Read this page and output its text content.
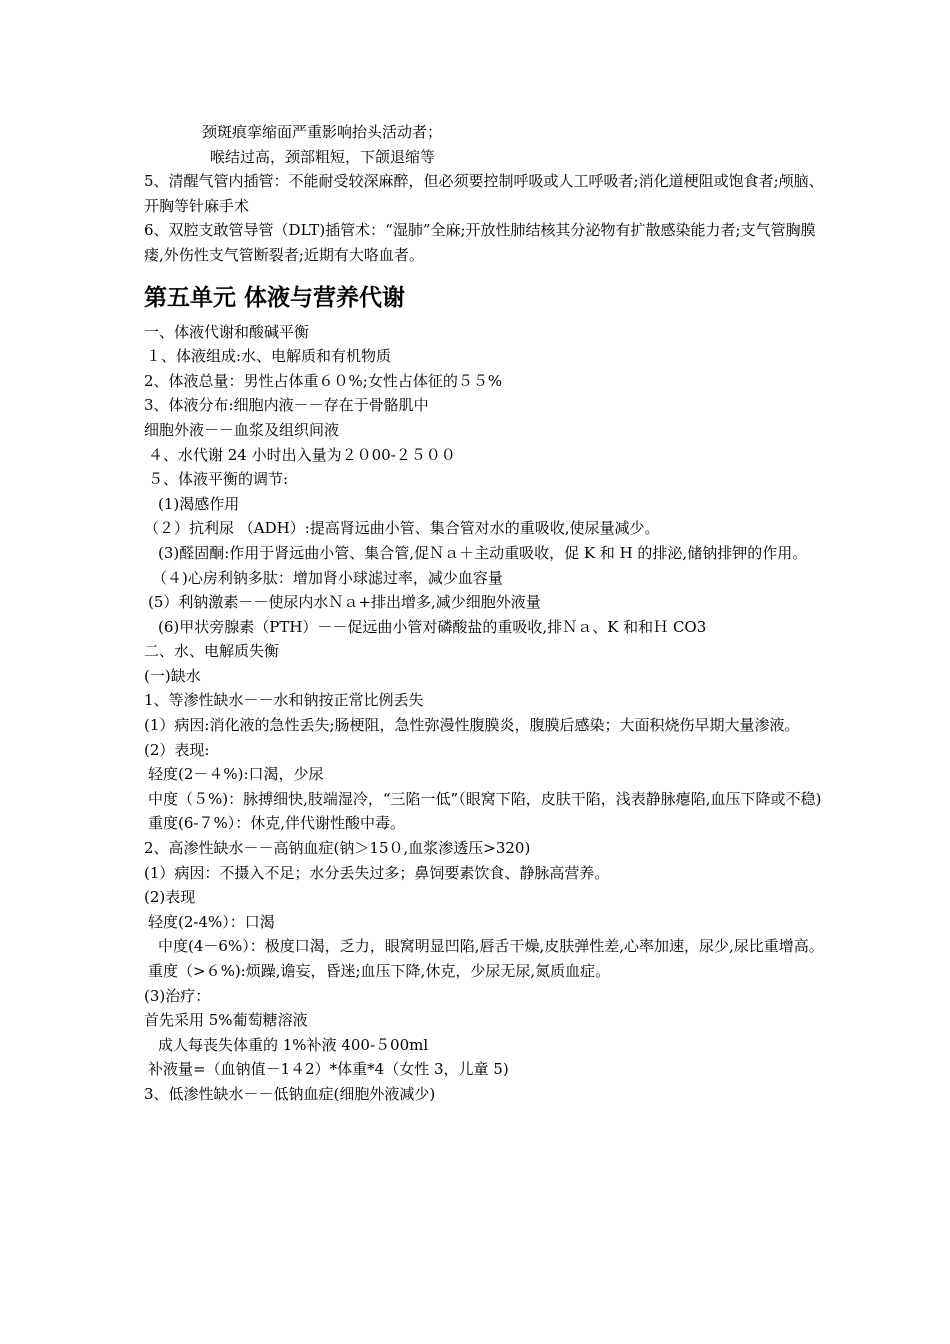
颈斑痕挛缩面严重影响抬头活动者；

喉结过高，颈部粗短，下颌退缩等

5、清醒气管内插管：不能耐受较深麻醉，但必须要控制呼吸或人工呼吸者;消化道梗阻或饱食者;颅脑、开胸等针麻手术

6、双腔支敢管导管（DLT)插管术：“湿肺”全麻;开放性肺结核其分泌物有扩散感染能力者;支气管胸膜瘘,外伤性支气管断裂者;近期有大咯血者。

第五单元 体液与营养代谢

一、体液代谢和酸碱平衡

１、体液组成:水、电解质和有机物质

2、体液总量：男性占体重６０%;女性占体征的５５%

3、体液分布:细胞内液－－存在于骨骼肌中

细胞外液－－血浆及组织间液

４、水代谢 24 小时出入量为２０00-２５００

５、体液平衡的调节:

(1)渴感作用

（２）抗利尿 （ADH）:提高肾远曲小管、集合管对水的重吸收,使尿量减少。

(3)醛固酮:作用于肾远曲小管、集合管,促Ｎａ＋主动重吸收，促 K 和 H 的排泌,储钠排钾的作用。

（４)心房利钠多肽：增加肾小球滤过率，减少血容量

(5）利钠激素－－使尿内水Ｎａ+排出增多,减少细胞外液量

(6)甲状旁腺素（PTH）－－促远曲小管对磷酸盐的重吸收,排Ｎａ、K 和和Ｈ CO3

二、水、电解质失衡

(一)缺水

1、等渗性缺水－－水和钠按正常比例丢失

(1）病因:消化液的急性丢失;肠梗阻，急性弥漫性腹膜炎，腹膜后感染；大面积烧伤早期大量渗液。

(2）表现:

轻度(2－４%):口渴，少尿

中度（５%)：脉搏细快,肢端湿冷，“三陷一低”（眼窝下陷，皮肤干陷，浅表静脉瘪陷,血压下降或不稳)

重度(6-７%）：休克,伴代谢性酸中毒。

2、高渗性缺水－－高钠血症(钠＞15０,血浆渗透压>320)

(1）病因：不摄入不足；水分丢失过多；鼻饲要素饮食、静脉高营养。

(2)表现

轻度(2-4%）：口渴

中度(4－6%）：极度口渴，乏力，眼窝明显凹陷,唇舌干燥,皮肤弹性差,心率加速，尿少,尿比重增高。

重度（>６%):烦躁,谵妄，昏迷;血压下降,休克，少尿无尿,氮质血症。

(3)治疗：

首先采用 5%葡萄糖溶液

成人每丧失体重的 1%补液 400-５00ml

补液量=（血钠值－1４2）*体重*4（女性 3，儿童 5)

3、低渗性缺水－－低钠血症(细胞外液减少)
